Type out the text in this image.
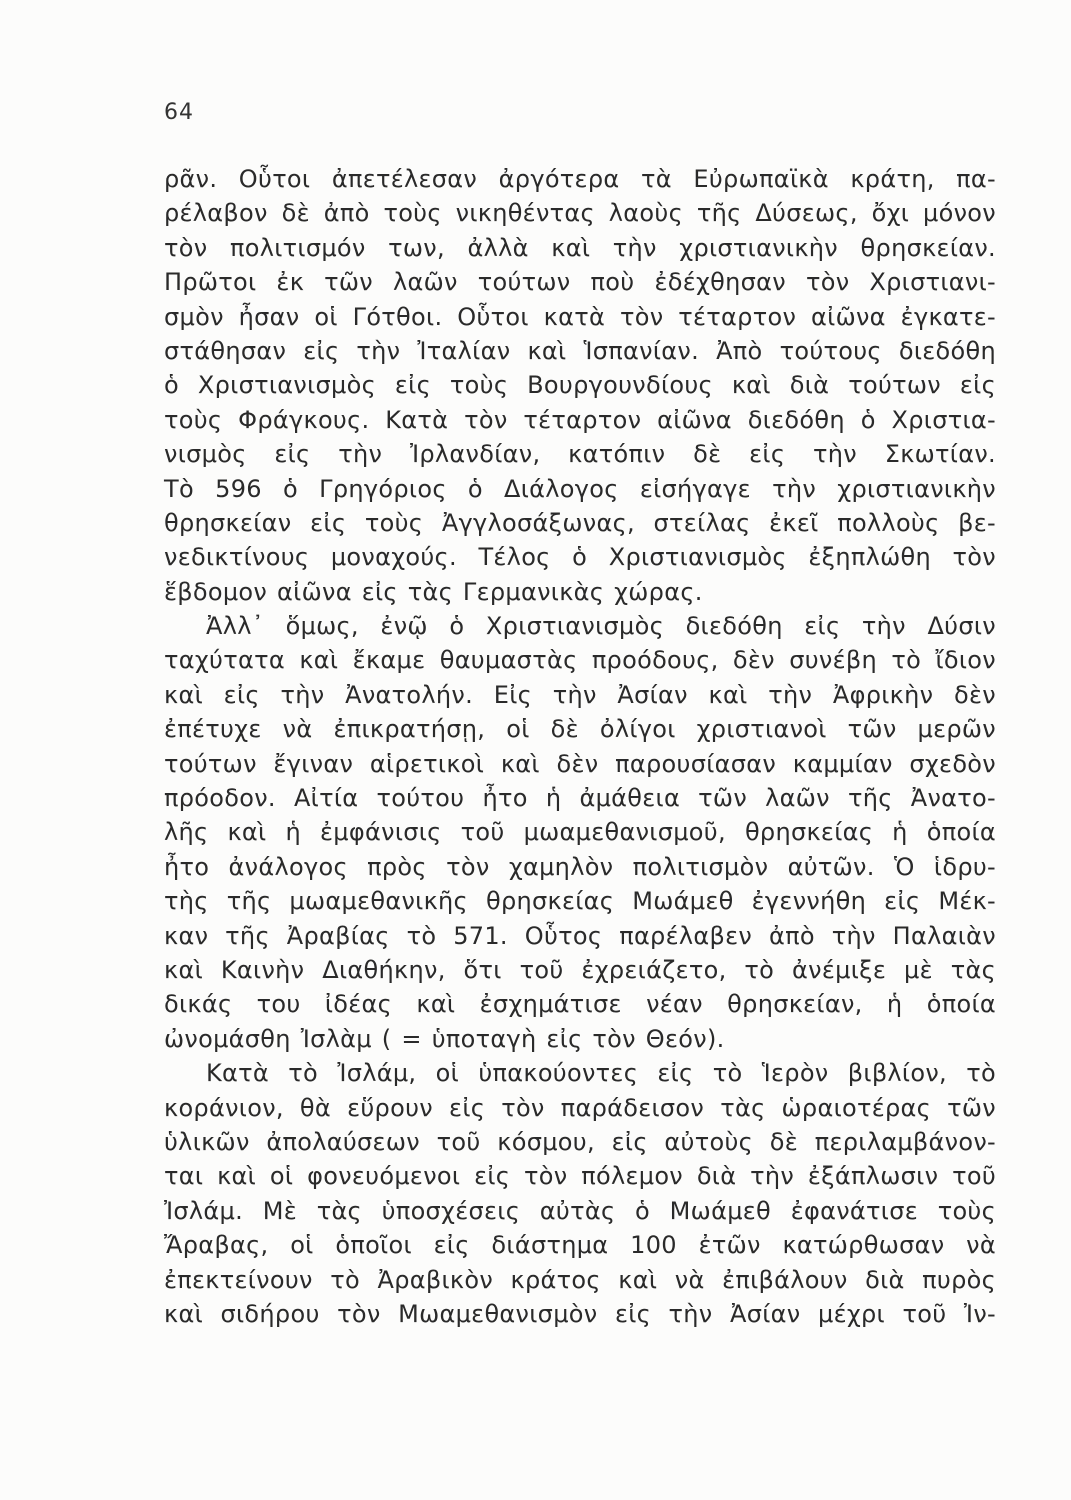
64
ρᾶν. Οὗτοι ἀπετέλεσαν ἀργότερα τὰ Εὐρωπαϊκὰ κράτη, πα-
ρέλαβον δὲ ἀπὸ τοὺς νικηθέντας λαοὺς τῆς Δύσεως, ὄχι μόνον
τὸν πολιτισμόν των, ἀλλὰ καὶ τὴν χριστιανικὴν θρησκείαν.
Πρῶτοι ἐκ τῶν λαῶν τούτων ποὺ ἐδέχθησαν τὸν Χριστιανι-
σμὸν ἦσαν οἱ Γότθοι. Οὗτοι κατὰ τὸν τέταρτον αἰῶνα ἐγκατε-
στάθησαν εἰς τὴν Ἰταλίαν καὶ Ἱσπανίαν. Ἀπὸ τούτους διεδόθη
ὁ Χριστιανισμὸς εἰς τοὺς Βουργουνδίους καὶ διὰ τούτων εἰς
τοὺς Φράγκους. Κατὰ τὸν τέταρτον αἰῶνα διεδόθη ὁ Χριστια-
νισμὸς εἰς τὴν Ἰρλανδίαν, κατόπιν δὲ εἰς τὴν Σκωτίαν.
Τὸ 596 ὁ Γρηγόριος ὁ Διάλογος εἰσήγαγε τὴν χριστιανικὴν
θρησκείαν εἰς τοὺς Ἀγγλοσάξωνας, στείλας ἐκεῖ πολλοὺς βε-
νεδικτίνους μοναχούς. Τέλος ὁ Χριστιανισμὸς ἐξηπλώθη τὸν
ἕβδομον αἰῶνα εἰς τὰς Γερμανικὰς χώρας.
Ἀλλ᾽ ὅμως, ἐνῷ ὁ Χριστιανισμὸς διεδόθη εἰς τὴν Δύσιν
ταχύτατα καὶ ἔκαμε θαυμαστὰς προόδους, δὲν συνέβη τὸ ἴδιον
καὶ εἰς τὴν Ἀνατολήν. Εἰς τὴν Ἀσίαν καὶ τὴν Ἀφρικὴν δὲν
ἐπέτυχε νὰ ἐπικρατήσῃ, οἱ δὲ ὀλίγοι χριστιανοὶ τῶν μερῶν
τούτων ἔγιναν αἱρετικοὶ καὶ δὲν παρουσίασαν καμμίαν σχεδὸν
πρόοδον. Αἰτία τούτου ἦτο ἡ ἀμάθεια τῶν λαῶν τῆς Ἀνατο-
λῆς καὶ ἡ ἐμφάνισις τοῦ μωαμεθανισμοῦ, θρησκείας ἡ ὁποία
ἦτο ἀνάλογος πρὸς τὸν χαμηλὸν πολιτισμὸν αὐτῶν. Ὁ ἱδρυ-
τὴς τῆς μωαμεθανικῆς θρησκείας Μωάμεθ ἐγεννήθη εἰς Μέκ-
καν τῆς Ἀραβίας τὸ 571. Οὗτος παρέλαβεν ἀπὸ τὴν Παλαιὰν
καὶ Καινὴν Διαθήκην, ὅτι τοῦ ἐχρειάζετο, τὸ ἀνέμιξε μὲ τὰς
δικάς του ἰδέας καὶ ἐσχημάτισε νέαν θρησκείαν, ἡ ὁποία
ὠνομάσθη Ἰσλὰμ ( = ὑποταγὴ εἰς τὸν Θεόν).
Κατὰ τὸ Ἰσλάμ, οἱ ὑπακούοντες εἰς τὸ Ἱερὸν βιβλίον, τὸ
κοράνιον, θὰ εὕρουν εἰς τὸν παράδεισον τὰς ὡραιοτέρας τῶν
ὑλικῶν ἀπολαύσεων τοῦ κόσμου, εἰς αὐτοὺς δὲ περιλαμβάνον-
ται καὶ οἱ φονευόμενοι εἰς τὸν πόλεμον διὰ τὴν ἐξάπλωσιν τοῦ
Ἰσλάμ. Μὲ τὰς ὑποσχέσεις αὐτὰς ὁ Μωάμεθ ἐφανάτισε τοὺς
Ἄραβας, οἱ ὁποῖοι εἰς διάστημα 100 ἐτῶν κατώρθωσαν νὰ
ἐπεκτείνουν τὸ Ἀραβικὸν κράτος καὶ νὰ ἐπιβάλουν διὰ πυρὸς
καὶ σιδήρου τὸν Μωαμεθανισμὸν εἰς τὴν Ἀσίαν μέχρι τοῦ Ἰν-
